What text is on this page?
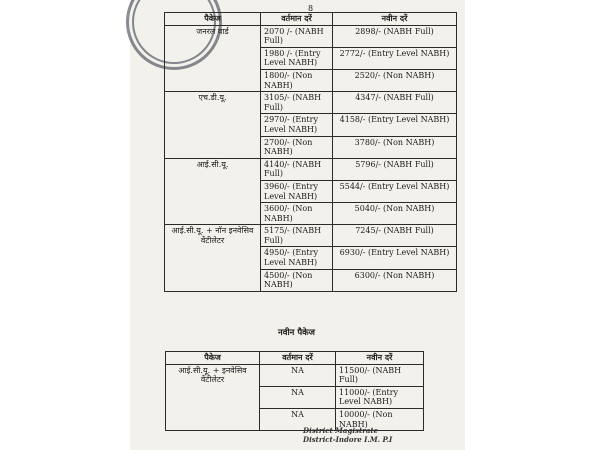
8
पैकेज	वर्तमान दरें	नवीन दरें
जनरल वार्ड	2070 /- (NABH Full)	2898/- (NABH Full)
	1980 /- (Entry Level NABH)	2772/- (Entry Level NABH)
	1800/- (Non NABH)	2520/- (Non NABH)
एच.डी.यू.	3105/- (NABH Full)	4347/- (NABH Full)
	2970/- (Entry Level NABH)	4158/- (Entry Level NABH)
	2700/- (Non NABH)	3780/- (Non NABH)
आई.सी.यू.	4140/- (NABH Full)	5796/- (NABH Full)
	3960/- (Entry Level NABH)	5544/- (Entry Level NABH)
	3600/- (Non NABH)	5040/- (Non NABH)
आई.सी.यू. + नॉन इनवेसिव वेंटीलेटर	5175/- (NABH Full)	7245/- (NABH Full)
	4950/- (Entry Level NABH)	6930/- (Entry Level NABH)
	4500/- (Non NABH)	6300/- (Non NABH)
नवीन पैकेज
पैकेज	वर्तमान दरें	नवीन दरें
आई.सी.यू. + इनवेसिव वेंटीलेटर	NA	11500/- (NABH Full)
	NA	11000/- (Entry Level NABH)
	NA	10000/- (Non NABH)
District Magistrate
District-Indore I.M. P.I
